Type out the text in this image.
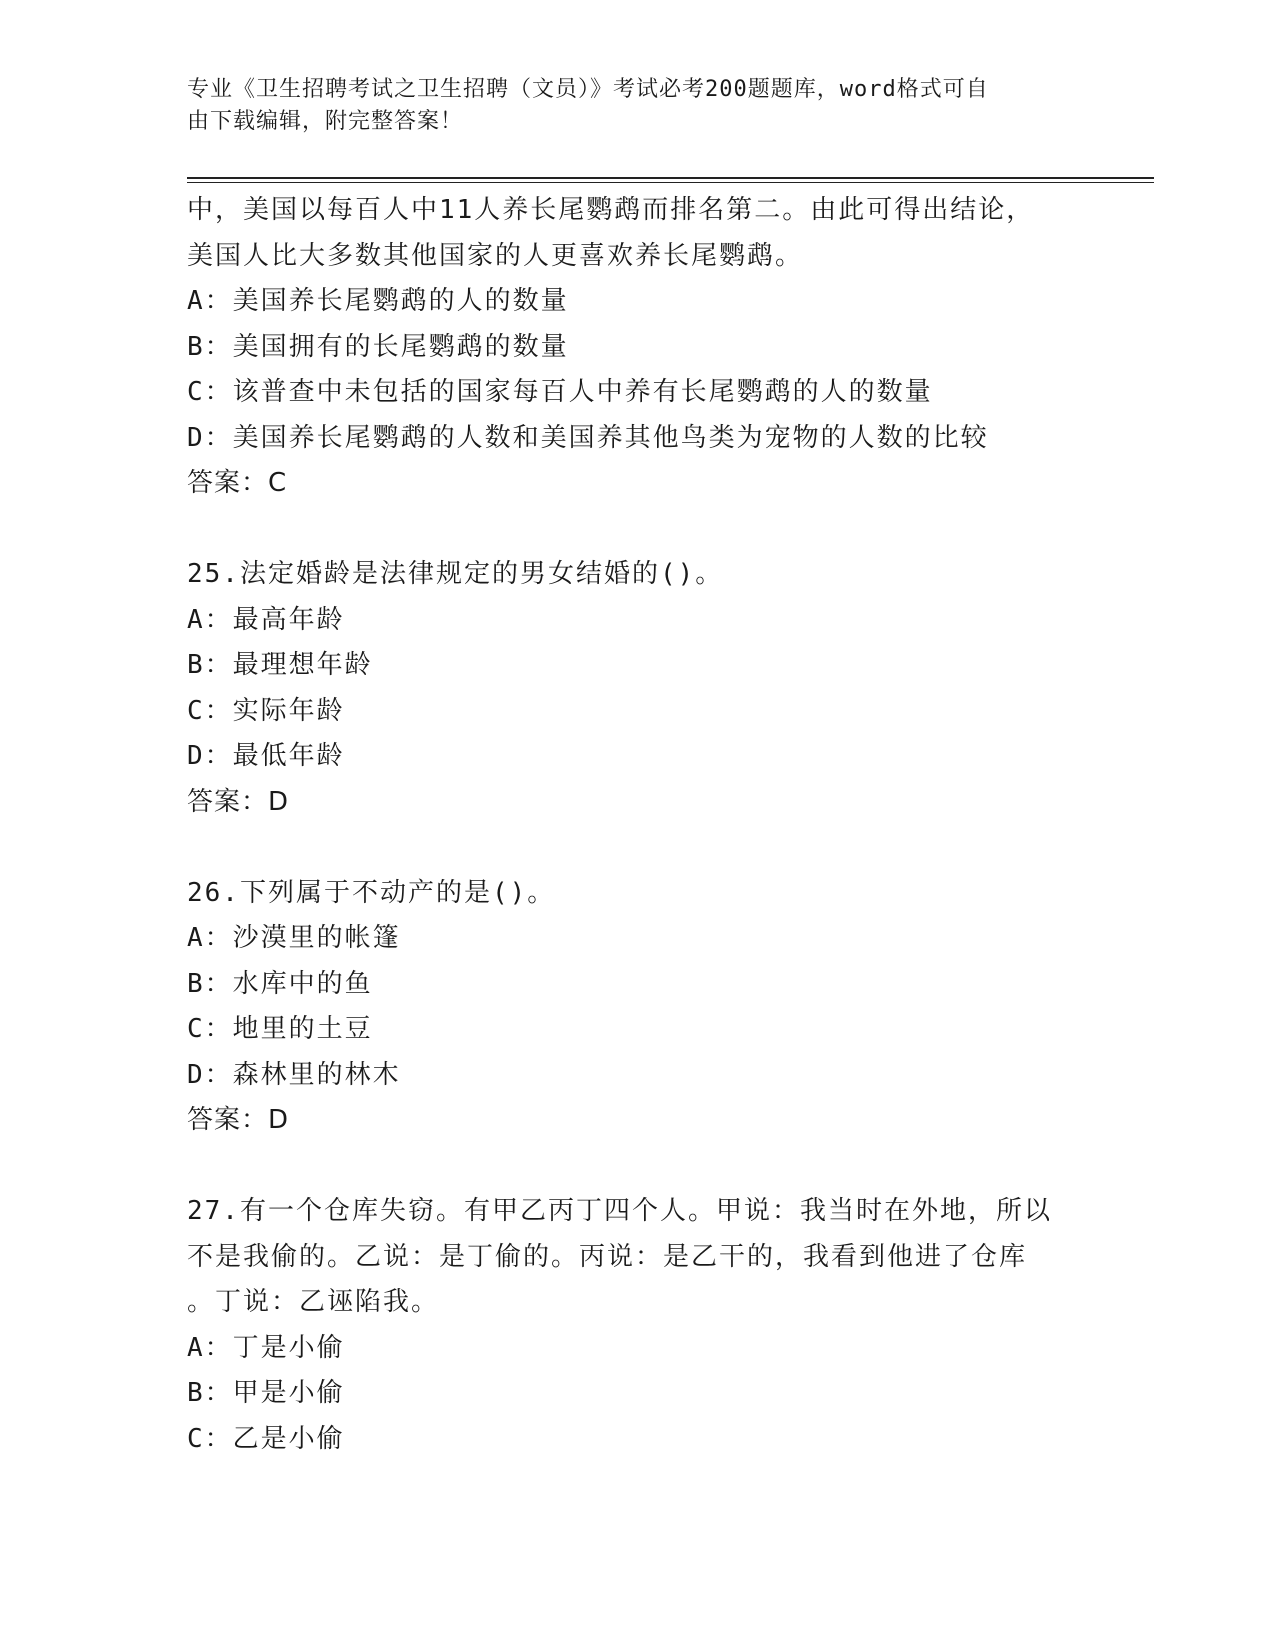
专业《卫生招聘考试之卫生招聘（文员）》考试必考200题题库，word格式可自
由下载编辑，附完整答案！
中，美国以每百人中11人养长尾鹦鹉而排名第二。由此可得出结论，
美国人比大多数其他国家的人更喜欢养长尾鹦鹉。
A：美国养长尾鹦鹉的人的数量
B：美国拥有的长尾鹦鹉的数量
C：该普查中未包括的国家每百人中养有长尾鹦鹉的人的数量
D：美国养长尾鹦鹉的人数和美国养其他鸟类为宠物的人数的比较
答案：C
25.法定婚龄是法律规定的男女结婚的()。
A：最高年龄
B：最理想年龄
C：实际年龄
D：最低年龄
答案：D
26.下列属于不动产的是()。
A：沙漠里的帐篷
B：水库中的鱼
C：地里的土豆
D：森林里的林木
答案：D
27.有一个仓库失窃。有甲乙丙丁四个人。甲说：我当时在外地，所以
不是我偷的。乙说：是丁偷的。丙说：是乙干的，我看到他进了仓库
。丁说：乙诬陷我。
A：丁是小偷
B：甲是小偷
C：乙是小偷
